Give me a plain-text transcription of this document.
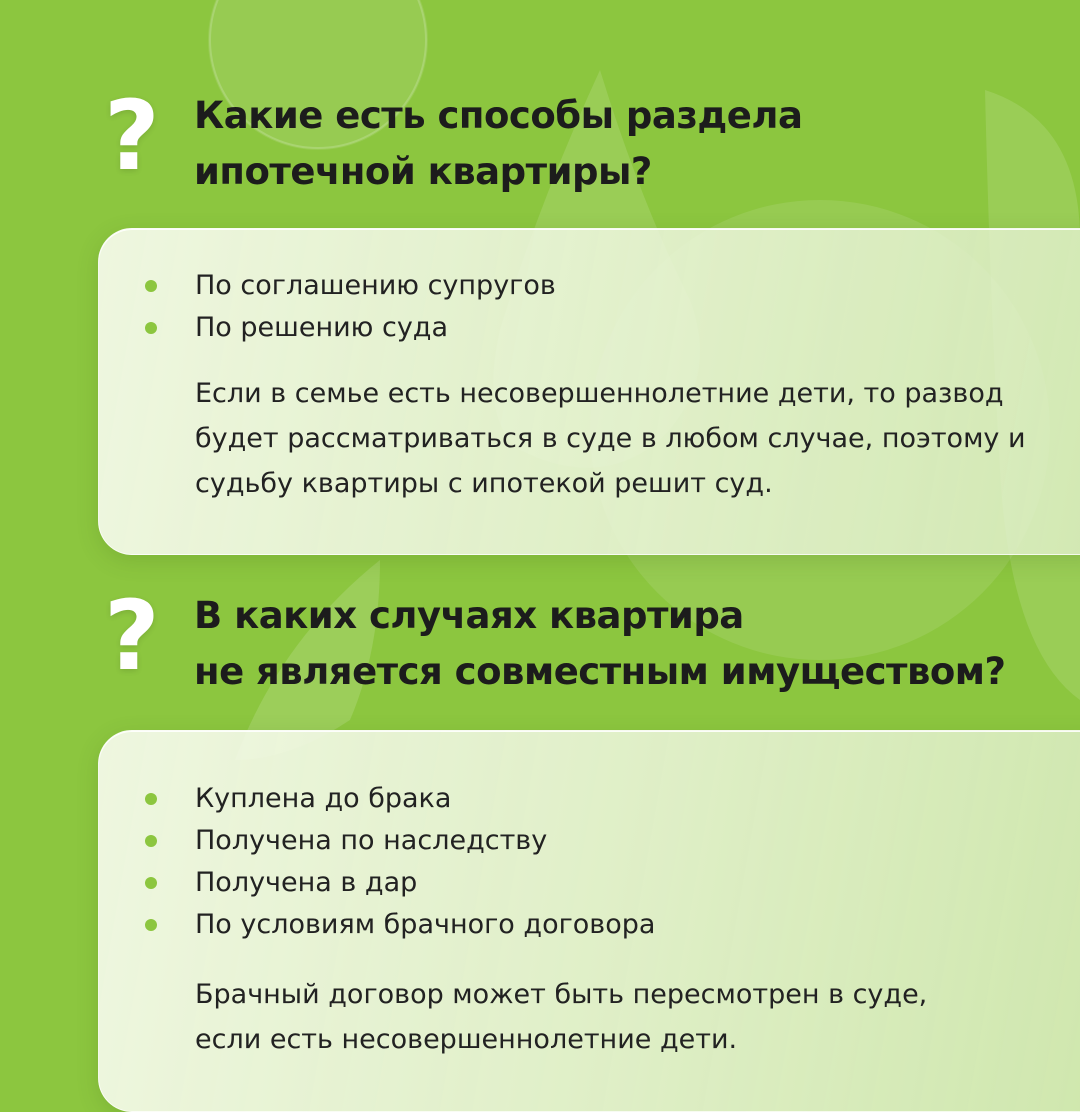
? Какие есть способы раздела
ипотечной квартиры?
По соглашению супругов
По решению суда

Если в семье есть несовершеннолетние дети, то развод будет рассматриваться в суде в любом случае, поэтому и судьбу квартиры с ипотекой решит суд.

? В каких случаях квартира
не является совместным имуществом?
Куплена до брака
Получена по наследству
Получена в дар
По условиям брачного договора

Брачный договор может быть пересмотрен в суде, если есть несовершеннолетние дети.
